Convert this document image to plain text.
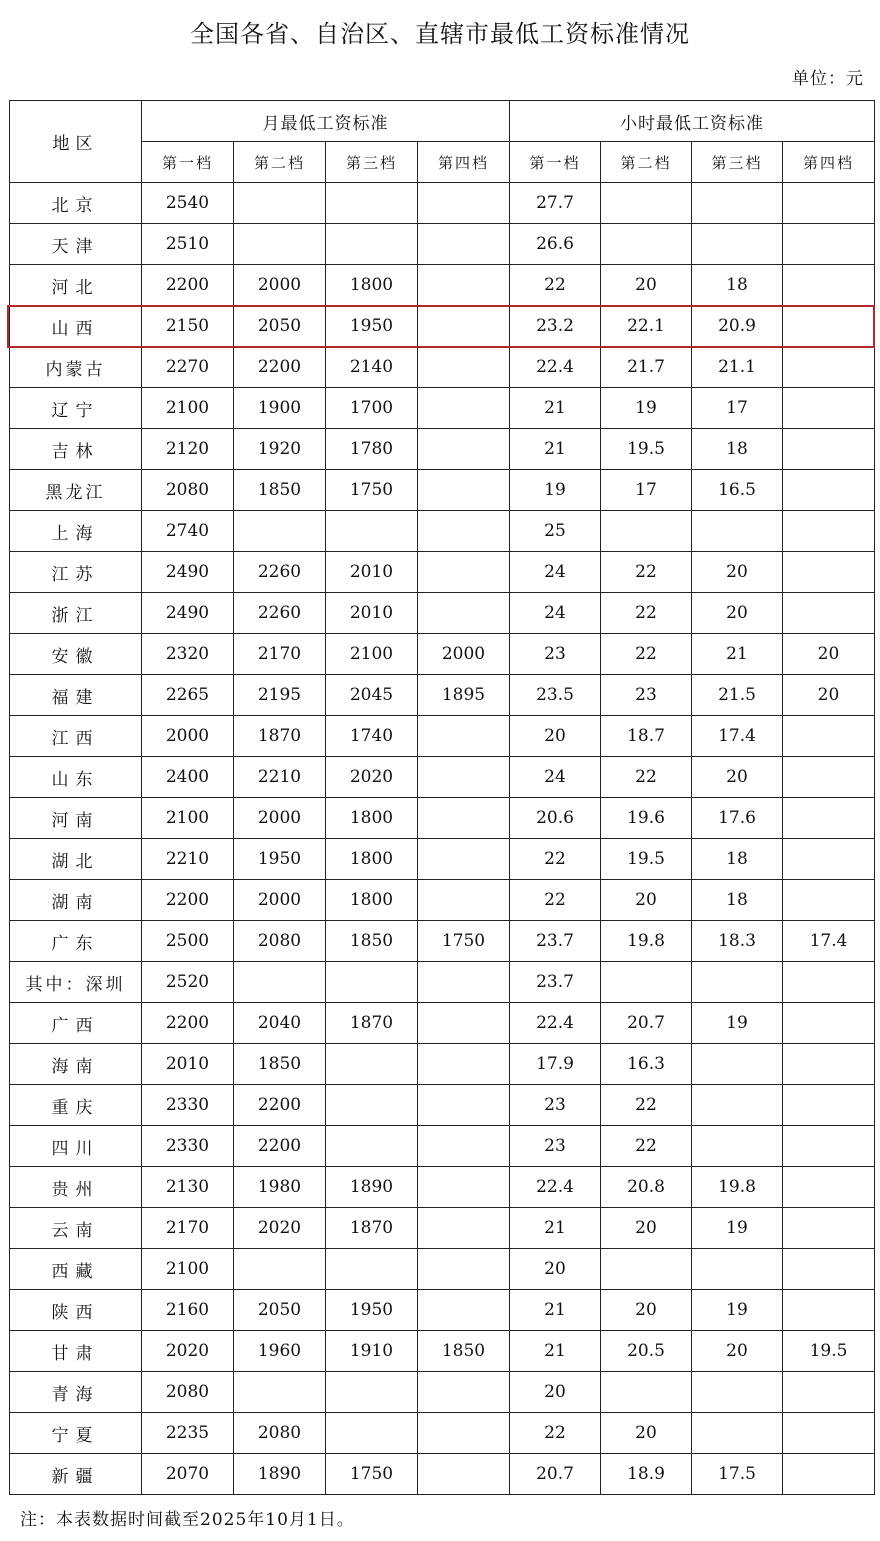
全国各省、自治区、直辖市最低工资标准情况
单位：元
地区	月最低工资标准				小时最低工资标准			
	第一档	第二档	第三档	第四档	第一档	第二档	第三档	第四档
北京	2540				27.7			
天津	2510				26.6			
河北	2200	2000	1800		22	20	18	
山西	2150	2050	1950		23.2	22.1	20.9	
内蒙古	2270	2200	2140		22.4	21.7	21.1	
辽宁	2100	1900	1700		21	19	17	
吉林	2120	1920	1780		21	19.5	18	
黑龙江	2080	1850	1750		19	17	16.5	
上海	2740				25			
江苏	2490	2260	2010		24	22	20	
浙江	2490	2260	2010		24	22	20	
安徽	2320	2170	2100	2000	23	22	21	20
福建	2265	2195	2045	1895	23.5	23	21.5	20
江西	2000	1870	1740		20	18.7	17.4	
山东	2400	2210	2020		24	22	20	
河南	2100	2000	1800		20.6	19.6	17.6	
湖北	2210	1950	1800		22	19.5	18	
湖南	2200	2000	1800		22	20	18	
广东	2500	2080	1850	1750	23.7	19.8	18.3	17.4
其中：深圳	2520				23.7			
广西	2200	2040	1870		22.4	20.7	19	
海南	2010	1850			17.9	16.3		
重庆	2330	2200			23	22		
四川	2330	2200			23	22		
贵州	2130	1980	1890		22.4	20.8	19.8	
云南	2170	2020	1870		21	20	19	
西藏	2100				20			
陕西	2160	2050	1950		21	20	19	
甘肃	2020	1960	1910	1850	21	20.5	20	19.5
青海	2080				20			
宁夏	2235	2080			22	20		
新疆	2070	1890	1750		20.7	18.9	17.5	
注：本表数据时间截至2025年10月1日。
